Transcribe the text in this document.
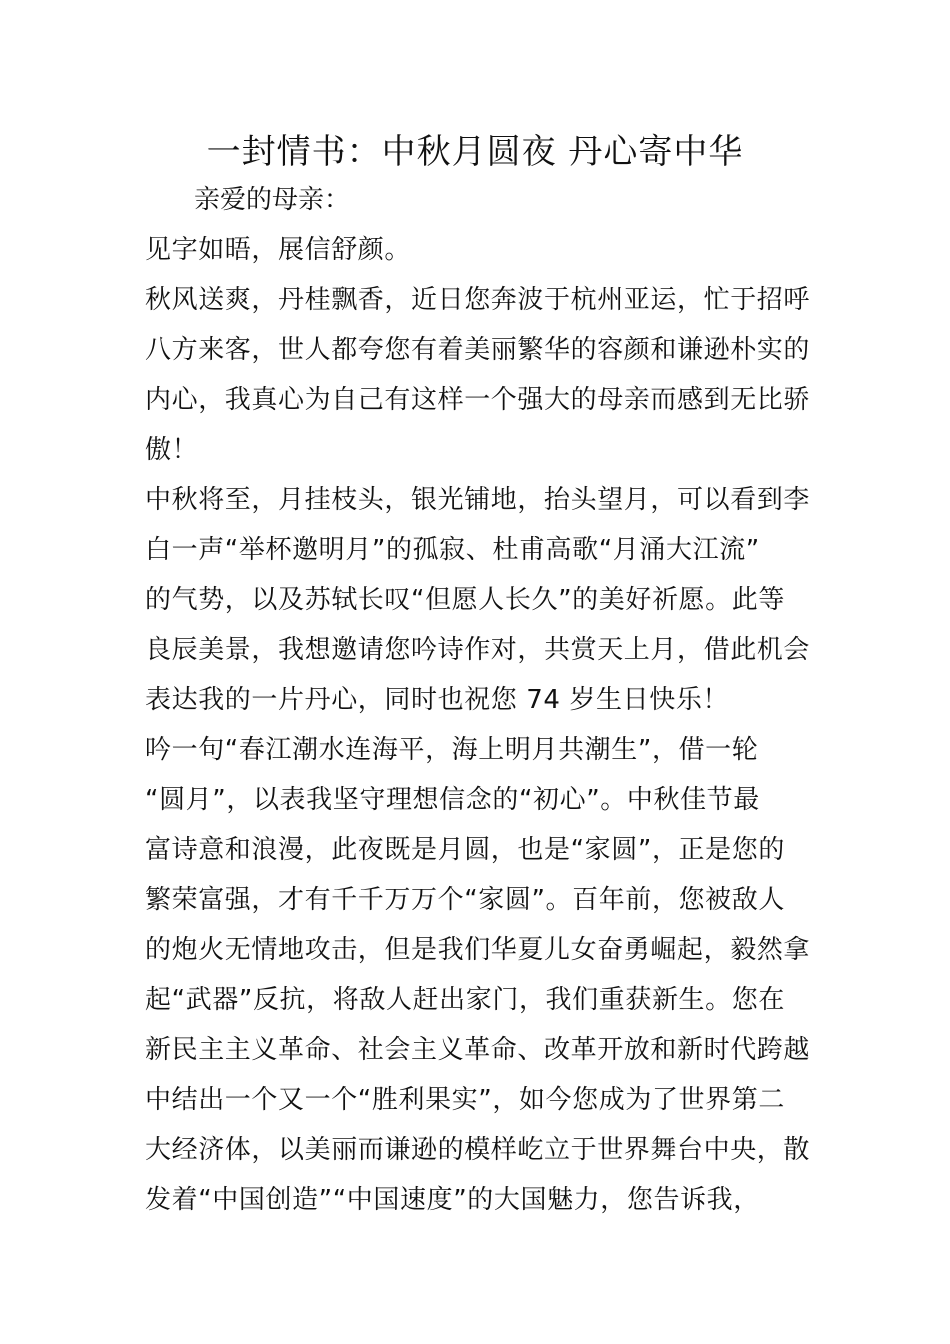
一封情书：中秋月圆夜 丹心寄中华
亲爱的母亲：
见字如晤，展信舒颜。
秋风送爽，丹桂飘香，近日您奔波于杭州亚运，忙于招呼
八方来客，世人都夸您有着美丽繁华的容颜和谦逊朴实的
内心，我真心为自己有这样一个强大的母亲而感到无比骄
傲！
中秋将至，月挂枝头，银光铺地，抬头望月，可以看到李
白一声“举杯邀明月”的孤寂、杜甫高歌“月涌大江流”
的气势，以及苏轼长叹“但愿人长久”的美好祈愿。此等
良辰美景，我想邀请您吟诗作对，共赏天上月，借此机会
表达我的一片丹心，同时也祝您 74 岁生日快乐！
吟一句“春江潮水连海平，海上明月共潮生”，借一轮
“圆月”，以表我坚守理想信念的“初心”。中秋佳节最
富诗意和浪漫，此夜既是月圆，也是“家圆”，正是您的
繁荣富强，才有千千万万个“家圆”。百年前，您被敌人
的炮火无情地攻击，但是我们华夏儿女奋勇崛起，毅然拿
起“武器”反抗，将敌人赶出家门，我们重获新生。您在
新民主主义革命、社会主义革命、改革开放和新时代跨越
中结出一个又一个“胜利果实”，如今您成为了世界第二
大经济体，以美丽而谦逊的模样屹立于世界舞台中央，散
发着“中国创造”“中国速度”的大国魅力，您告诉我，
